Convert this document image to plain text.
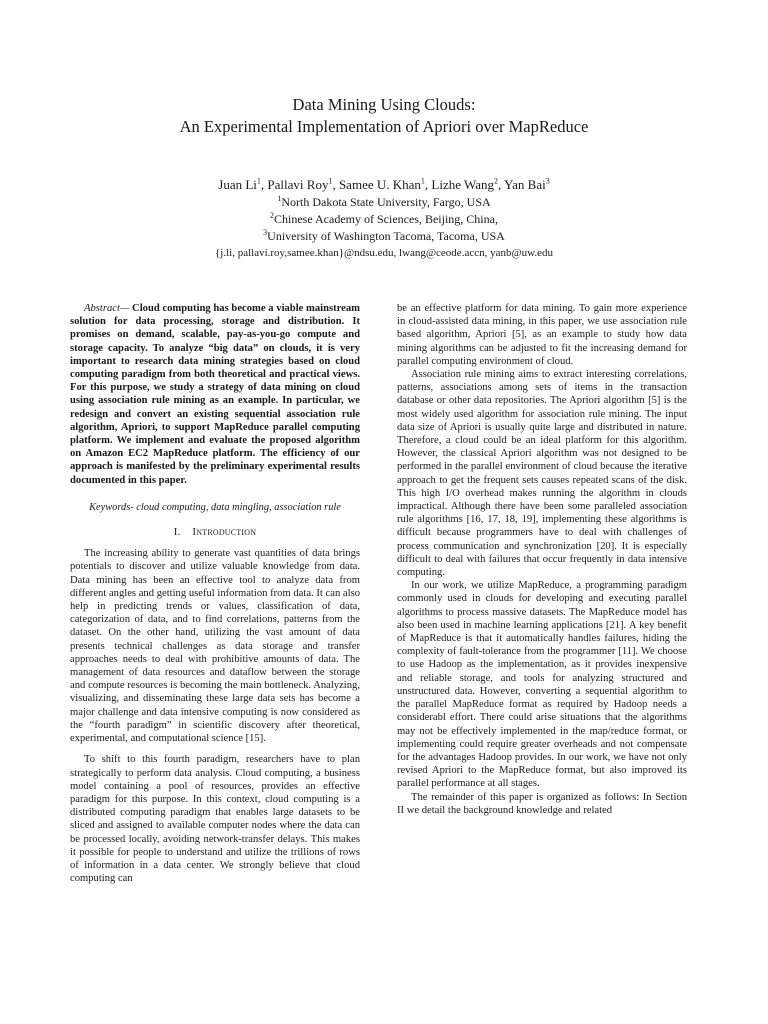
Data Mining Using Clouds:
An Experimental Implementation of Apriori over MapReduce
Juan Li$^1$, Pallavi Roy$^1$, Samee U. Khan$^1$, Lizhe Wang$^2$, Yan Bai$^3$
$^1$North Dakota State University, Fargo, USA
$^2$Chinese Academy of Sciences, Beijing, China,
$^3$University of Washington Tacoma, Tacoma, USA
{j.li, pallavi.roy,samee.khan}@ndsu.edu, lwang@ceode.accn, yanb@uw.edu

Abstract— Cloud computing has become a viable mainstream solution for data processing, storage and distribution. It promises on demand, scalable, pay-as-you-go compute and storage capacity. To analyze “big data” on clouds, it is very important to research data mining strategies based on cloud computing paradigm from both theoretical and practical views. For this purpose, we study a strategy of data mining on cloud using association rule mining as an example. In particular, we redesign and convert an existing sequential association rule algorithm, Apriori, to support MapReduce parallel computing platform. We implement and evaluate the proposed algorithm on Amazon EC2 MapReduce platform. The efficiency of our approach is manifested by the preliminary experimental results documented in this paper.

Keywords- cloud computing, data mingling, association rule

I. Introduction

The increasing ability to generate vast quantities of data brings potentials to discover and utilize valuable knowledge from data. Data mining has been an effective tool to analyze data from different angles and getting useful information from data. It can also help in predicting trends or values, classification of data, categorization of data, and to find correlations, patterns from the dataset. On the other hand, utilizing the vast amount of data presents technical challenges as data storage and transfer approaches needs to deal with prohibitive amounts of data. The management of data resources and dataflow between the storage and compute resources is becoming the main bottleneck. Analyzing, visualizing, and disseminating these large data sets has become a major challenge and data intensive computing is now considered as the “fourth paradigm” in scientific discovery after theoretical, experimental, and computational science [15].

To shift to this fourth paradigm, researchers have to plan strategically to perform data analysis. Cloud computing, a business model containing a pool of resources, provides an effective paradigm for this purpose. In this context, cloud computing is a distributed computing paradigm that enables large datasets to be sliced and assigned to available computer nodes where the data can be processed locally, avoiding network-transfer delays. This makes it possible for people to understand and utilize the trillions of rows of information in a data center. We strongly believe that cloud computing can

be an effective platform for data mining. To gain more experience in cloud-assisted data mining, in this paper, we use association rule based algorithm, Apriori [5], as an example to study how data mining algorithms can be adjusted to fit the increasing demand for parallel computing environment of cloud.

Association rule mining aims to extract interesting correlations, patterns, associations among sets of items in the transaction database or other data repositories. The Apriori algorithm [5] is the most widely used algorithm for association rule mining. The input data size of Apriori is usually quite large and distributed in nature. Therefore, a cloud could be an ideal platform for this algorithm. However, the classical Apriori algorithm was not designed to be performed in the parallel environment of cloud because the iterative approach to get the frequent sets causes repeated scans of the disk. This high I/O overhead makes running the algorithm in clouds impractical. Although there have been some paralleled association rule algorithms [16, 17, 18, 19], implementing these algorithms is difficult because programmers have to deal with challenges of process communication and synchronization [20]. It is especially difficult to deal with failures that occur frequently in data intensive computing.

In our work, we utilize MapReduce, a programming paradigm commonly used in clouds for developing and executing parallel algorithms to process massive datasets. The MapReduce model has also been used in machine learning applications [21]. A key benefit of MapReduce is that it automatically handles failures, hiding the complexity of fault-tolerance from the programmer [11]. We choose to use Hadoop as the implementation, as it provides inexpensive and reliable storage, and tools for analyzing structured and unstructured data. However, converting a sequential algorithm to the parallel MapReduce format as required by Hadoop needs a considerabl effort. There could arise situations that the algorithms may not be effectively implemented in the map/reduce format, or implementing could require greater overheads and not compensate for the advantages Hadoop provides. In our work, we have not only revised Apriori to the MapReduce format, but also improved its parallel performance at all stages.

The remainder of this paper is organized as follows: In Section II we detail the background knowledge and related
